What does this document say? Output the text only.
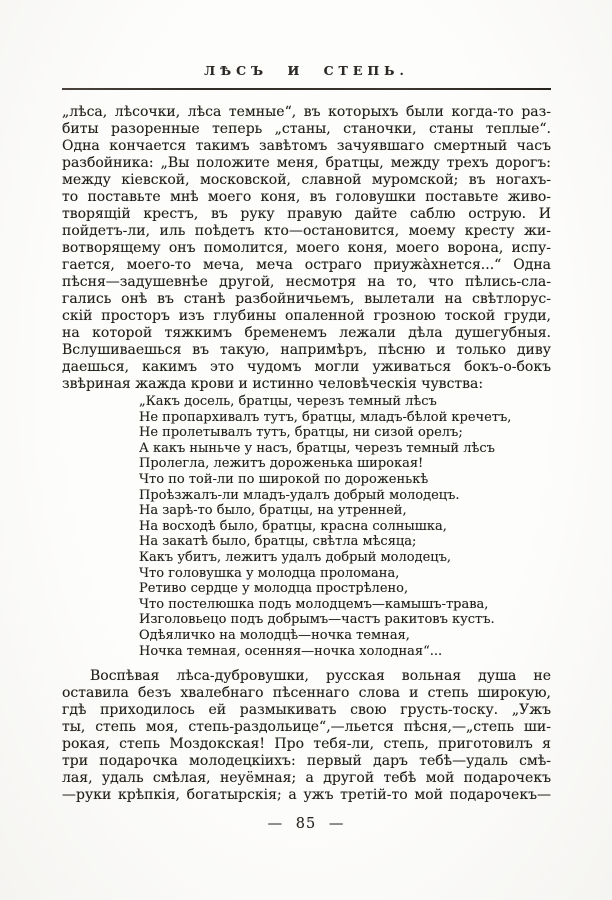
ЛѢСЪ И СТЕПЬ.
„лѣса, лѣсочки, лѣса темные“, въ которыхъ были когда-то раз-
биты разоренные теперь „станы, станочки, станы теплые“.
Одна кончается такимъ завѣтомъ зачуявшаго смертный часъ
разбойника: „Вы положите меня, братцы, между трехъ дорогъ:
между кіевской, московской, славной муромской; въ ногахъ-
то поставьте мнѣ моего коня, въ головушки поставьте живо-
творящій крестъ, въ руку правую дайте саблю острую. И
пойдетъ-ли, иль поѣдетъ кто—остановится, моему кресту жи-
вотворящему онъ помолится, моего коня, моего ворона, испу-
гается, моего-то меча, меча остраго приужа̀хнется...“ Одна
пѣсня—задушевнѣе другой, несмотря на то, что пѣлись-сла-
гались онѣ въ станѣ разбойничьемъ, вылетали на свѣтлорус-
скій просторъ изъ глубины опаленной грозною тоской груди,
на которой тяжкимъ бременемъ лежали дѣла душегубныя.
Вслушиваешься въ такую, напримѣръ, пѣсню и только диву
даешься, какимъ это чудомъ могли уживаться бокъ-о-бокъ
звѣриная жажда крови и истинно человѣческія чувства:
„Какъ досель, братцы, черезъ темный лѣсъ
Не пропархивалъ тутъ, братцы, младъ-бѣлой кречетъ,
Не пролетывалъ тутъ, братцы, ни сизой орелъ;
А какъ ныньче у насъ, братцы, черезъ темный лѣсъ
Пролегла, лежитъ дороженька широкая!
Что по той-ли по широкой по дороженькѣ
Проѣзжалъ-ли младъ-удалъ добрый молодецъ.
На зарѣ-то было, братцы, на утренней,
На восходѣ было, братцы, красна солнышка,
На закатѣ было, братцы, свѣтла мѣсяца;
Какъ убитъ, лежитъ удалъ добрый молодецъ,
Что головушка у молодца проломана,
Ретиво сердце у молодца прострѣлено,
Что постелюшка подъ молодцемъ—камышъ-трава,
Изголовьецо подъ добрымъ—частъ ракитовъ кустъ.
Одѣяличко на молодцѣ—ночка темная,
Ночка темная, осенняя—ночка холодная“...
Воспѣвая лѣса-дубровушки, русская вольная душа не
оставила безъ хвалебнаго пѣсеннаго слова и степь широкую,
гдѣ приходилось ей размыкивать свою грусть-тоску. „Ужъ
ты, степь моя, степь-раздольице“,—льется пѣсня,—„степь ши-
рокая, степь Моздокская! Про тебя-ли, степь, приготовилъ я
три подарочка молодецкіихъ: первый даръ тебѣ—удаль смѣ-
лая, удаль смѣлая, неуёмная; а другой тебѣ мой подарочекъ
—руки крѣпкія, богатырскія; а ужъ третій-то мой подарочекъ—
— 85 —
